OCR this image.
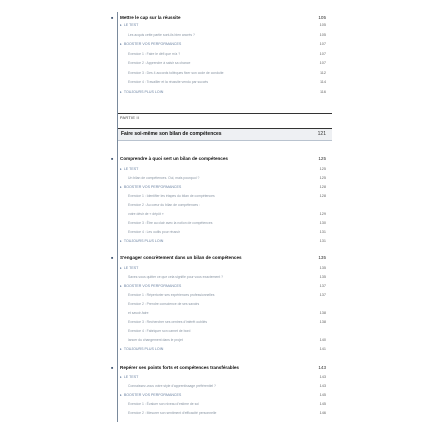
■ Mettre le cap sur la réussite	105
▸ LE TEST	105
Les acquis cette partie sont-ils bien ancrés ?	105
▸ BOOSTER VOS PERFORMANCES	107
Exercice 1 : Faire le défi que m'a ?	107
Exercice 2 : Apprendre à saisir sa chance	107
Exercice 3 : Des 4 accords toltèques fixer son code de conduite	112
Exercice 4 : Travailler et la réussite vendu par succès	114
▸ TOUJOURS PLUS LOIN	116
PARTIE II
Faire soi-même son bilan de compétences	121
■ Comprendre à quoi sert un bilan de compétences	125
▸ LE TEST	125
Un bilan de compétences. Oui, mais pourquoi ?	125
▸ BOOSTER VOS PERFORMANCES	128
Exercice 1 : Identifier les étapes du bilan de compétences	128
Exercice 2 : Au cœur du bilan de compétences :
votre désir de « dépôt »	129
Exercice 3 : Être au clair avec la notion de compétences	130
Exercice 4 : Les outils pour réussir	131
▸ TOUJOURS PLUS LOIN	131
■ S'engager concrètement dans un bilan de compétences	135
▸ LE TEST	135
Savez-vous quitter ce que cela signifie pour vous exactement ?	135
▸ BOOSTER VOS PERFORMANCES	137
Exercice 1 : Répertorier ses expériences professionnelles	137
Exercice 2 : Prendre conscience de ses savoirs
et savoir-faire	138
Exercice 3 : Rechercher ses centres d'intérêt oubliés	138
Exercice 4 : Fabriquer son carnet de bord
lancer du changement dans le projet	140
▸ TOUJOURS PLUS LOIN	141
■ Repérer ses points forts et compétences transférables	143
▸ LE TEST	143
Connaissez-vous votre style d'apprentissage préférentiel ?	143
▸ BOOSTER VOS PERFORMANCES	145
Exercice 1 : Évaluer son niveau d'estime de soi	145
Exercice 2 : Mesurer son sentiment d'efficacité personnelle	146
